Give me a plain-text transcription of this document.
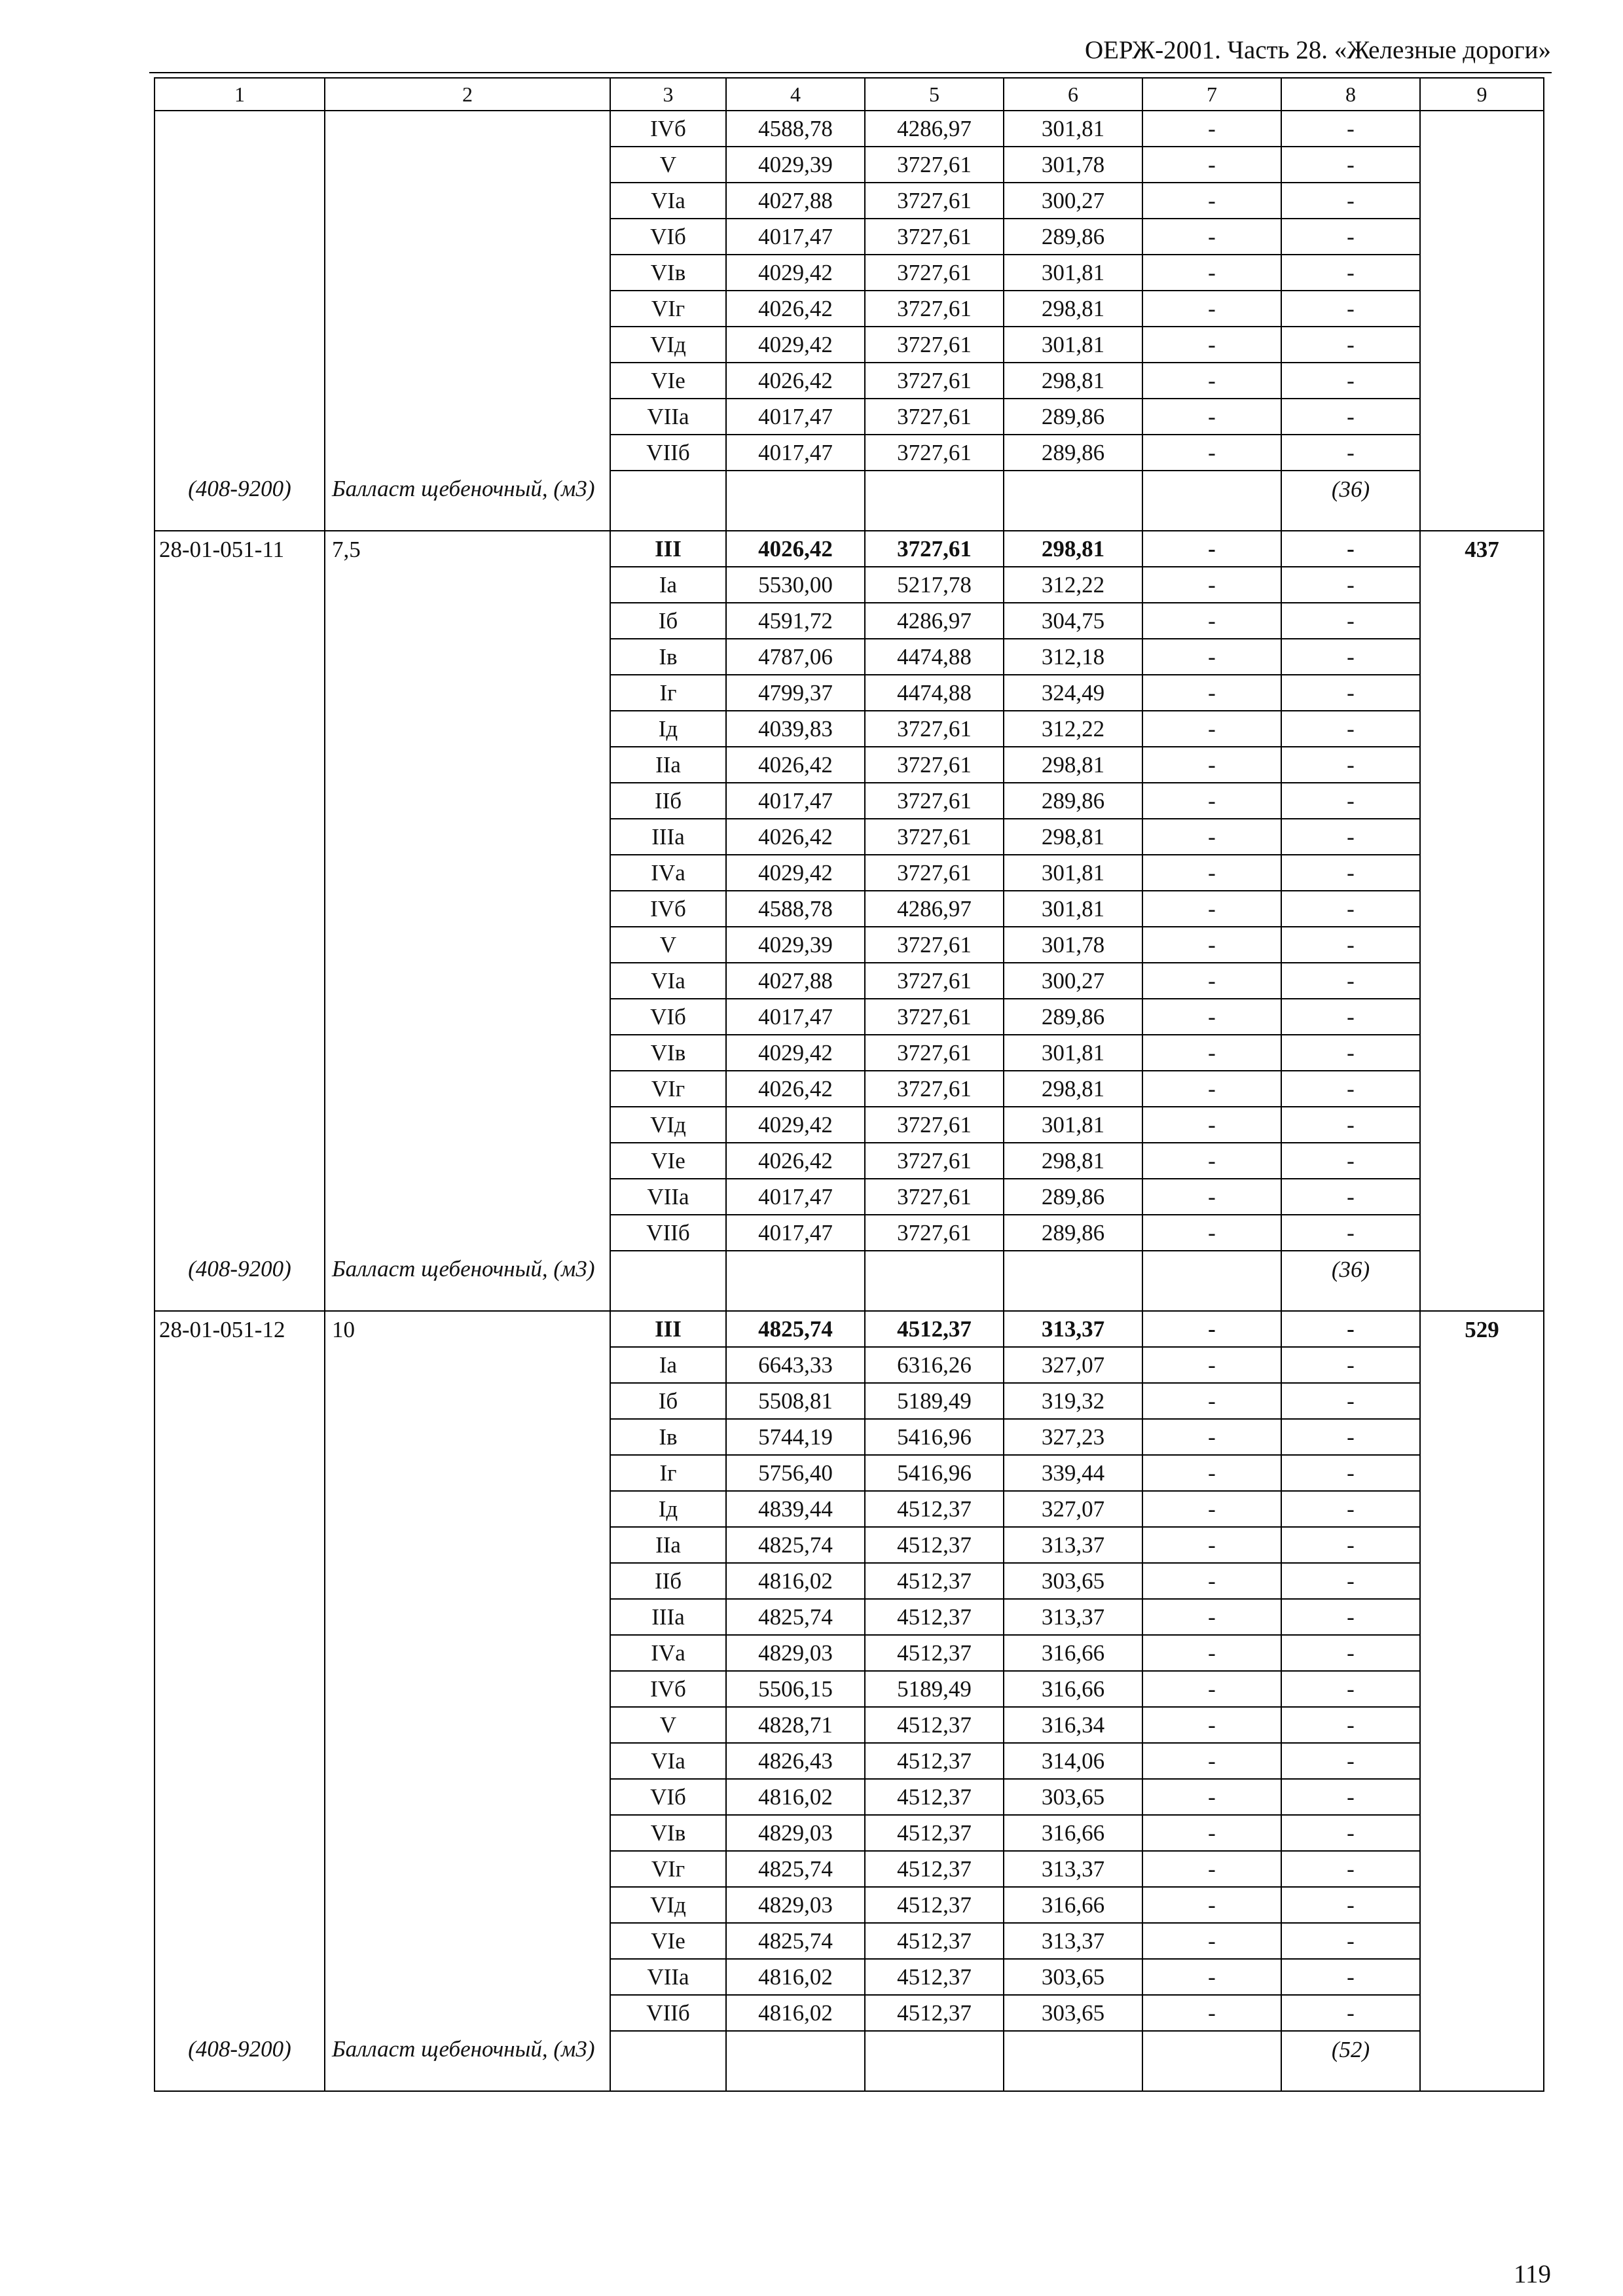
ОЕРЖ-2001. Часть 28. «Железные дороги»
1	2	3	4	5	6	7	8	9
		IVб	4588,78	4286,97	301,81	-	-	
		V	4029,39	3727,61	301,78	-	-	
		VIа	4027,88	3727,61	300,27	-	-	
		VIб	4017,47	3727,61	289,86	-	-	
		VIв	4029,42	3727,61	301,81	-	-	
		VIг	4026,42	3727,61	298,81	-	-	
		VIд	4029,42	3727,61	301,81	-	-	
		VIе	4026,42	3727,61	298,81	-	-	
		VIIа	4017,47	3727,61	289,86	-	-	
		VIIб	4017,47	3727,61	289,86	-	-	
(408-9200)	Балласт щебеночный, (м3)						(36)	
28-01-051-11	7,5	III	4026,42	3727,61	298,81	-	-	437
		Iа	5530,00	5217,78	312,22	-	-	
		Iб	4591,72	4286,97	304,75	-	-	
		Iв	4787,06	4474,88	312,18	-	-	
		Iг	4799,37	4474,88	324,49	-	-	
		Iд	4039,83	3727,61	312,22	-	-	
		IIа	4026,42	3727,61	298,81	-	-	
		IIб	4017,47	3727,61	289,86	-	-	
		IIIа	4026,42	3727,61	298,81	-	-	
		IVа	4029,42	3727,61	301,81	-	-	
		IVб	4588,78	4286,97	301,81	-	-	
		V	4029,39	3727,61	301,78	-	-	
		VIа	4027,88	3727,61	300,27	-	-	
		VIб	4017,47	3727,61	289,86	-	-	
		VIв	4029,42	3727,61	301,81	-	-	
		VIг	4026,42	3727,61	298,81	-	-	
		VIд	4029,42	3727,61	301,81	-	-	
		VIе	4026,42	3727,61	298,81	-	-	
		VIIа	4017,47	3727,61	289,86	-	-	
		VIIб	4017,47	3727,61	289,86	-	-	
(408-9200)	Балласт щебеночный, (м3)						(36)	
28-01-051-12	10	III	4825,74	4512,37	313,37	-	-	529
		Iа	6643,33	6316,26	327,07	-	-	
		Iб	5508,81	5189,49	319,32	-	-	
		Iв	5744,19	5416,96	327,23	-	-	
		Iг	5756,40	5416,96	339,44	-	-	
		Iд	4839,44	4512,37	327,07	-	-	
		IIа	4825,74	4512,37	313,37	-	-	
		IIб	4816,02	4512,37	303,65	-	-	
		IIIа	4825,74	4512,37	313,37	-	-	
		IVа	4829,03	4512,37	316,66	-	-	
		IVб	5506,15	5189,49	316,66	-	-	
		V	4828,71	4512,37	316,34	-	-	
		VIа	4826,43	4512,37	314,06	-	-	
		VIб	4816,02	4512,37	303,65	-	-	
		VIв	4829,03	4512,37	316,66	-	-	
		VIг	4825,74	4512,37	313,37	-	-	
		VIд	4829,03	4512,37	316,66	-	-	
		VIе	4825,74	4512,37	313,37	-	-	
		VIIа	4816,02	4512,37	303,65	-	-	
		VIIб	4816,02	4512,37	303,65	-	-	
(408-9200)	Балласт щебеночный, (м3)						(52)	
119
